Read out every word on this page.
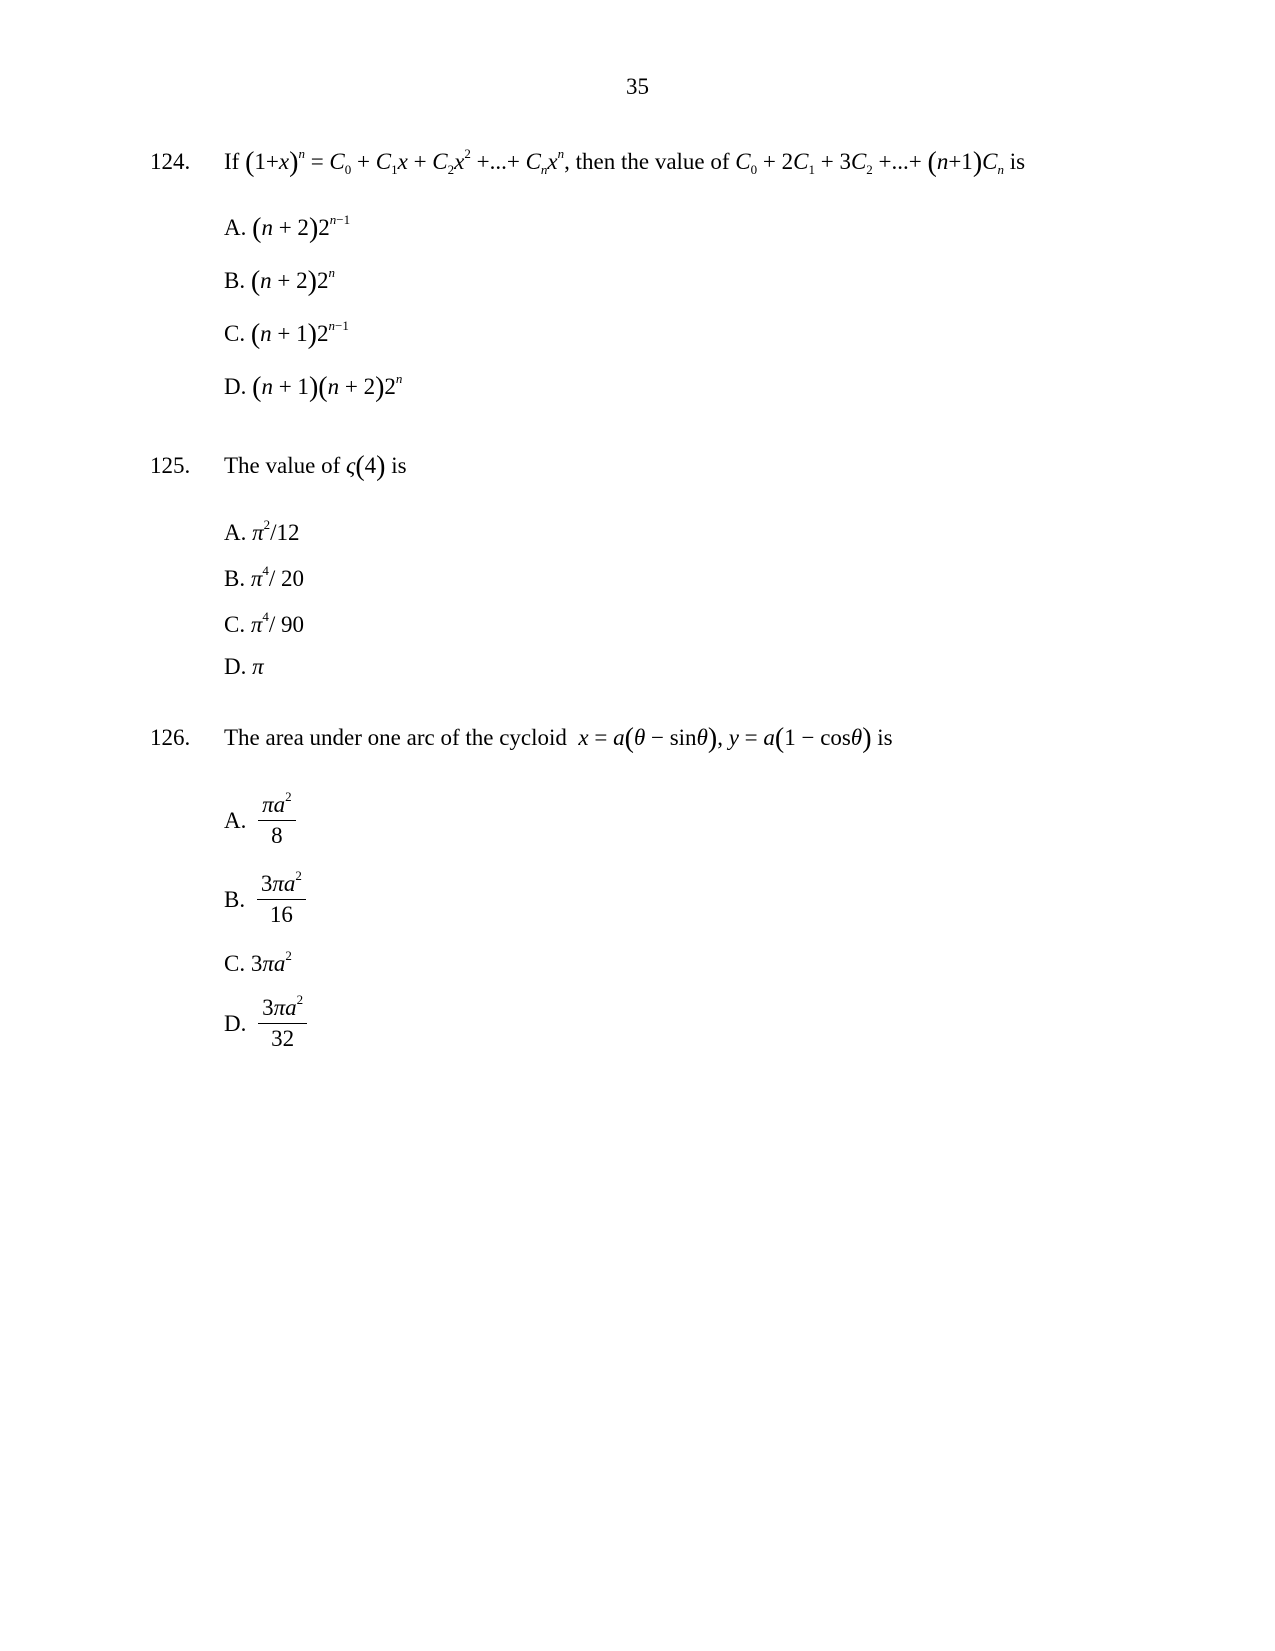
35
124. If $(1+x)^n = C_0 + C_1x + C_2x^2$ +...+ $C_nx^n$, then the value of $C_0 + 2C_1 + 3C_2$ +...+ $(n+1)C_n$ is
A. $(n + 2)2^{n-1}$
B. $(n + 2)2^n$
C. $(n + 1)2^{n-1}$
D. $(n + 1)(n + 2)2^n$
125. The value of ς(4) is
A. $\pi^2/12$
B. $\pi^4/$ 20
C. $\pi^4/$ 90
D. π
126. The area under one arc of the cycloid x = a(θ − sinθ), y = a(1 − cosθ) is
A. $\frac{\pi a^2}{8}$
B. $\frac{3\pi a^2}{16}$
C. $3\pi a^2$
D. $\frac{3\pi a^2}{32}$
